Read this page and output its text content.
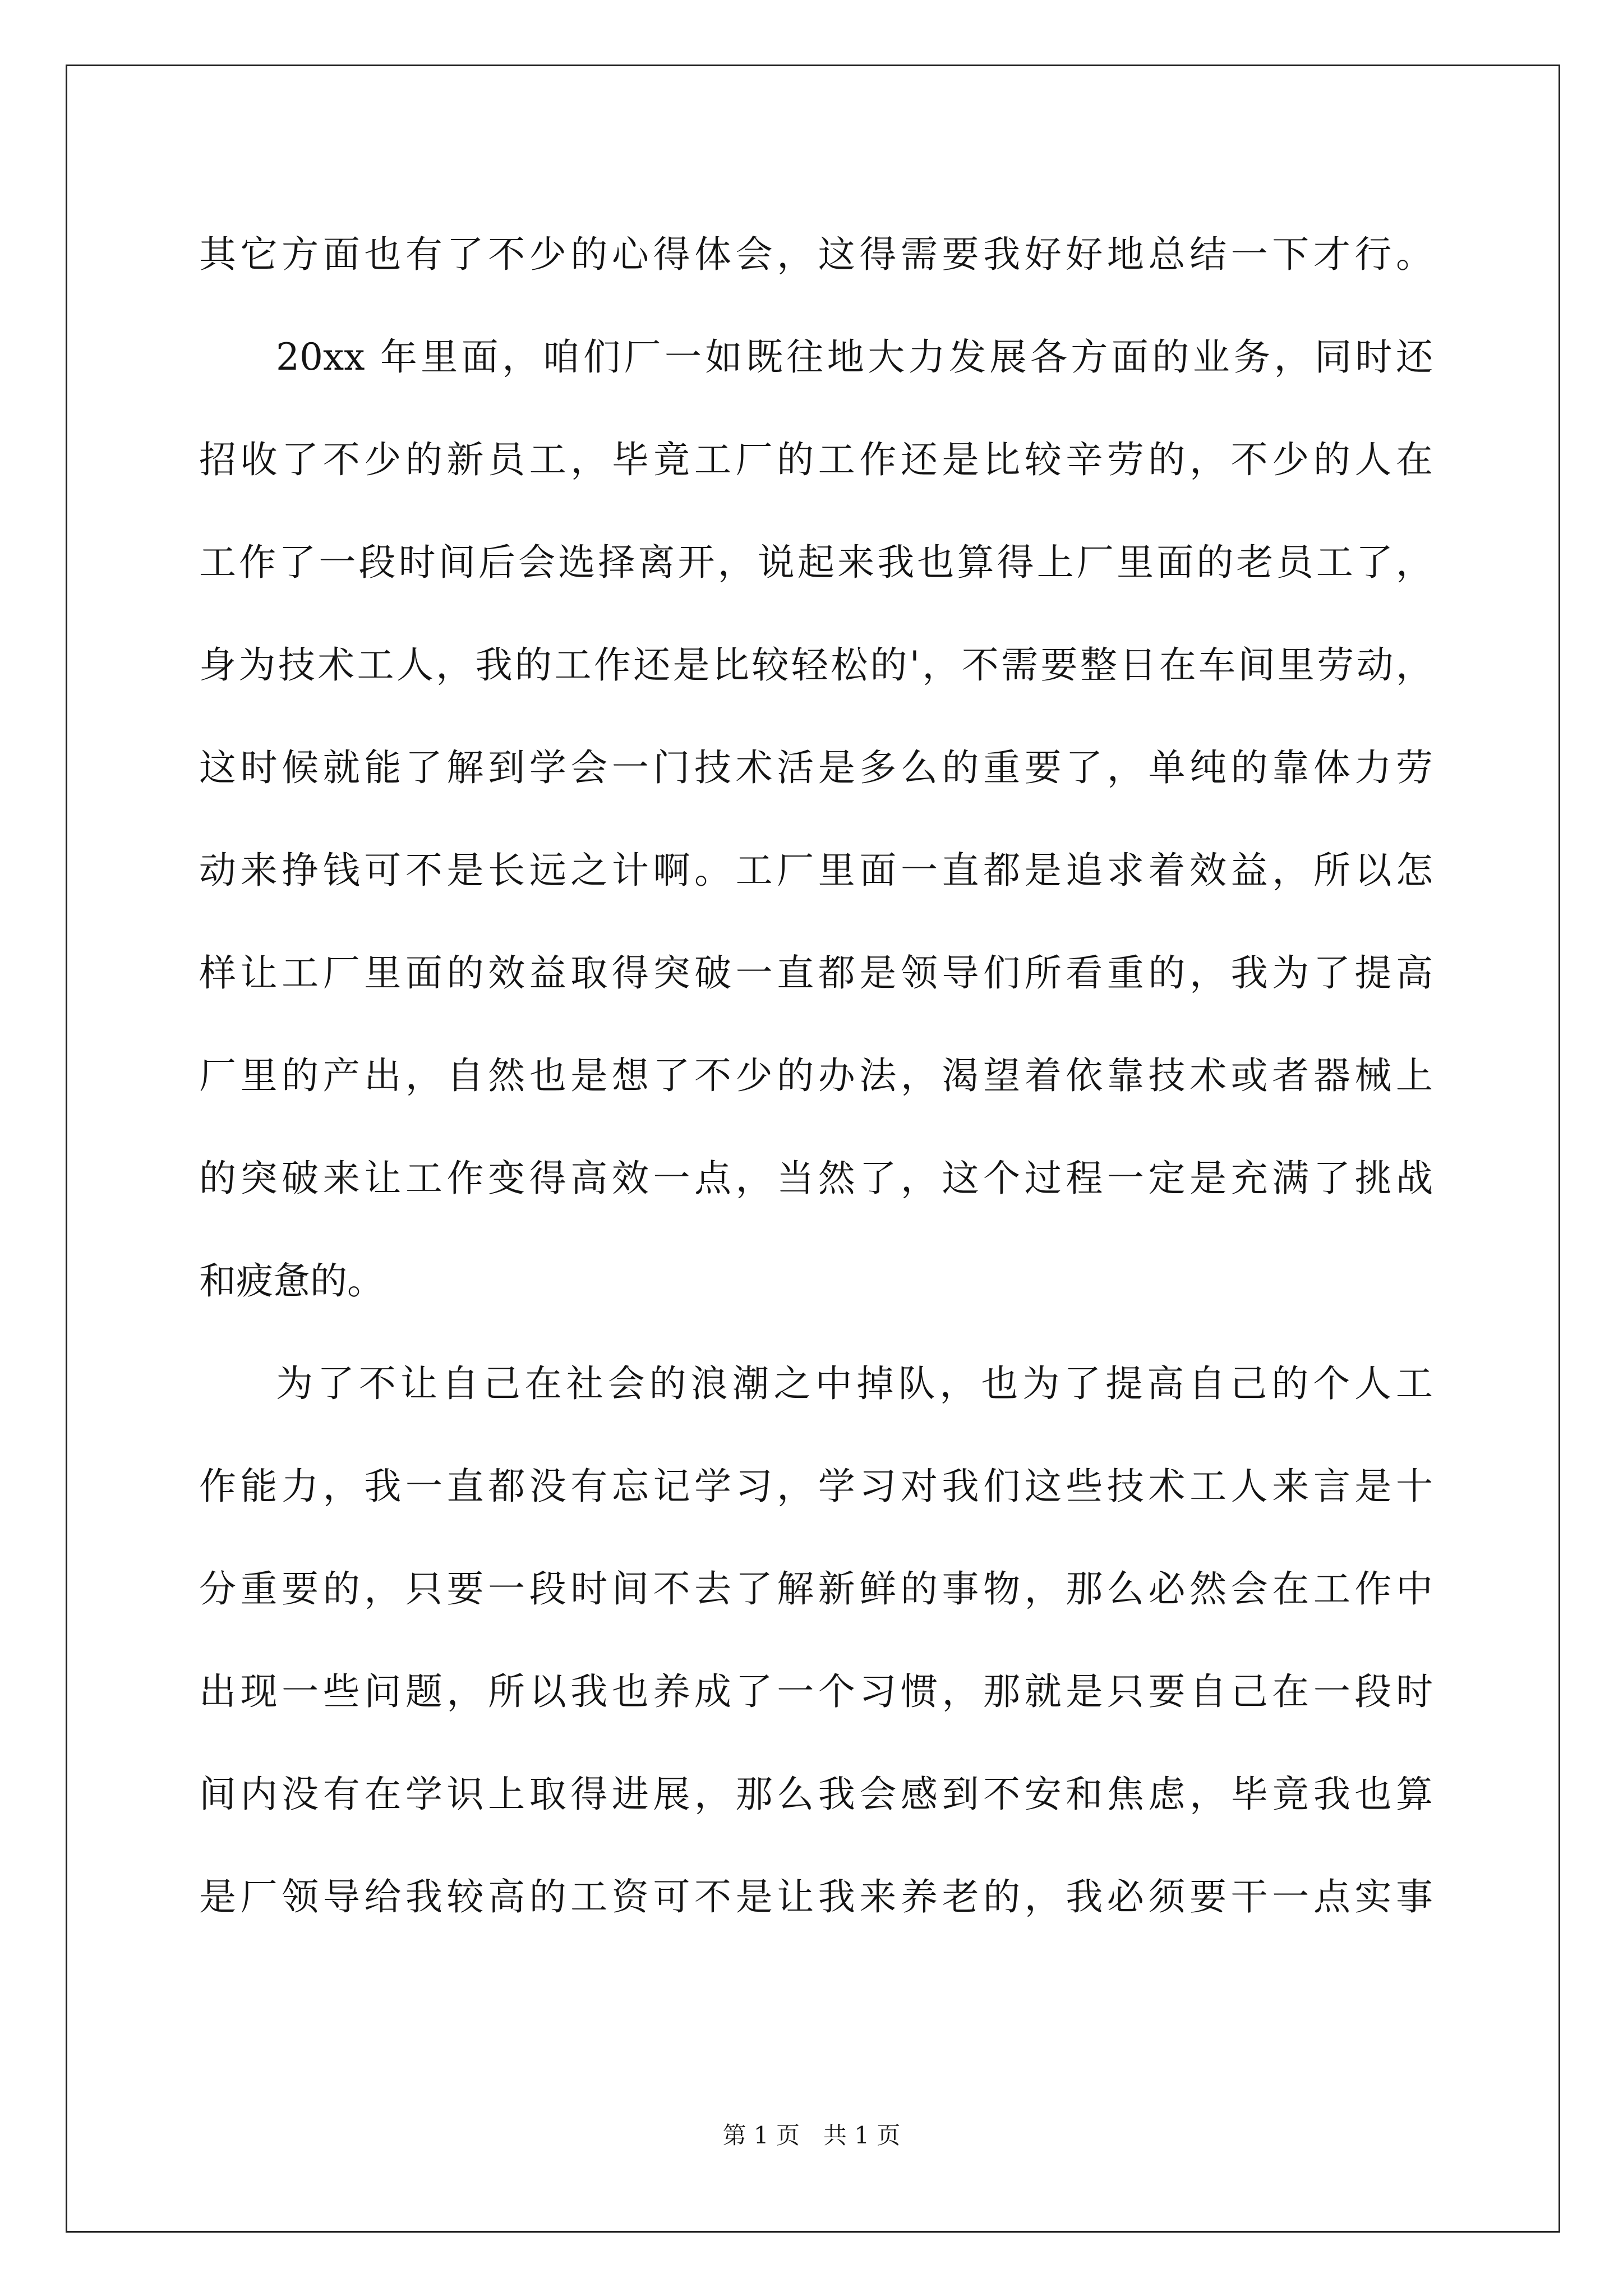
其它方面也有了不少的心得体会，这得需要我好好地总结一下才行。
20xx 年里面，咱们厂一如既往地大力发展各方面的业务，同时还
招收了不少的新员工，毕竟工厂的工作还是比较辛劳的，不少的人在
工作了一段时间后会选择离开，说起来我也算得上厂里面的老员工了，
身为技术工人，我的工作还是比较轻松的'，不需要整日在车间里劳动，
这时候就能了解到学会一门技术活是多么的重要了，单纯的靠体力劳
动来挣钱可不是长远之计啊。工厂里面一直都是追求着效益，所以怎
样让工厂里面的效益取得突破一直都是领导们所看重的，我为了提高
厂里的产出，自然也是想了不少的办法，渴望着依靠技术或者器械上
的突破来让工作变得高效一点，当然了，这个过程一定是充满了挑战
和疲惫的。
为了不让自己在社会的浪潮之中掉队，也为了提高自己的个人工
作能力，我一直都没有忘记学习，学习对我们这些技术工人来言是十
分重要的，只要一段时间不去了解新鲜的事物，那么必然会在工作中
出现一些问题，所以我也养成了一个习惯，那就是只要自己在一段时
间内没有在学识上取得进展，那么我会感到不安和焦虑，毕竟我也算
是厂领导给我较高的工资可不是让我来养老的，我必须要干一点实事
第 1 页 共 1 页
